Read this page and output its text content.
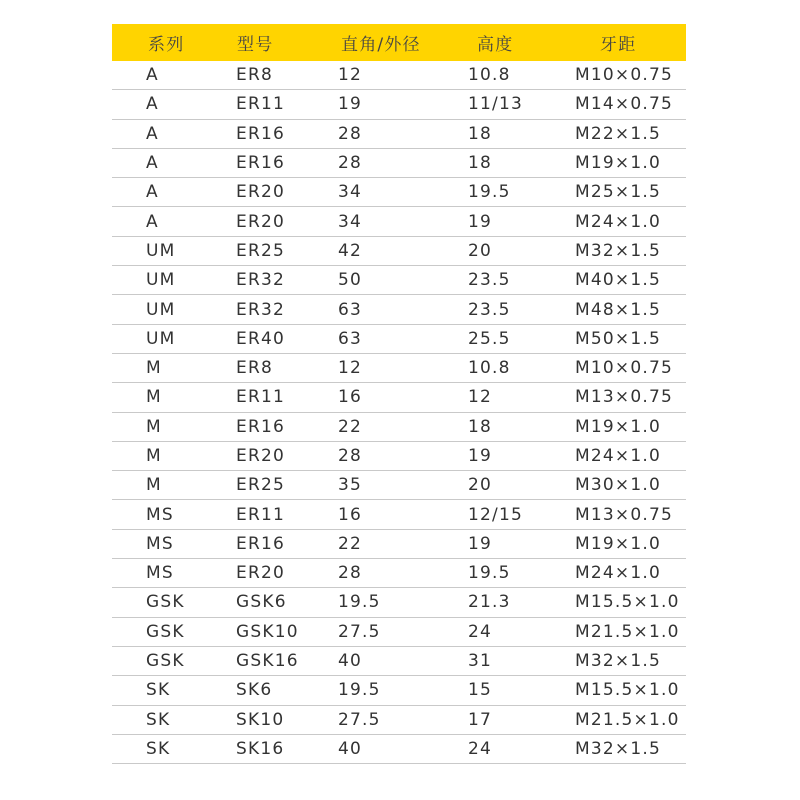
系列	型号	直角/外径	高度	牙距
A	ER8	12	10.8	M10×0.75
A	ER11	19	11/13	M14×0.75
A	ER16	28	18	M22×1.5
A	ER16	28	18	M19×1.0
A	ER20	34	19.5	M25×1.5
A	ER20	34	19	M24×1.0
UM	ER25	42	20	M32×1.5
UM	ER32	50	23.5	M40×1.5
UM	ER32	63	23.5	M48×1.5
UM	ER40	63	25.5	M50×1.5
M	ER8	12	10.8	M10×0.75
M	ER11	16	12	M13×0.75
M	ER16	22	18	M19×1.0
M	ER20	28	19	M24×1.0
M	ER25	35	20	M30×1.0
MS	ER11	16	12/15	M13×0.75
MS	ER16	22	19	M19×1.0
MS	ER20	28	19.5	M24×1.0
GSK	GSK6	19.5	21.3	M15.5×1.0
GSK	GSK10 27.5	24	M21.5×1.0
GSK	GSK16 40	31	M32×1.5
SK	SK6	19.5	15	M15.5×1.0
SK	SK10	27.5	17	M21.5×1.0
SK	SK16	40	24	M32×1.5
